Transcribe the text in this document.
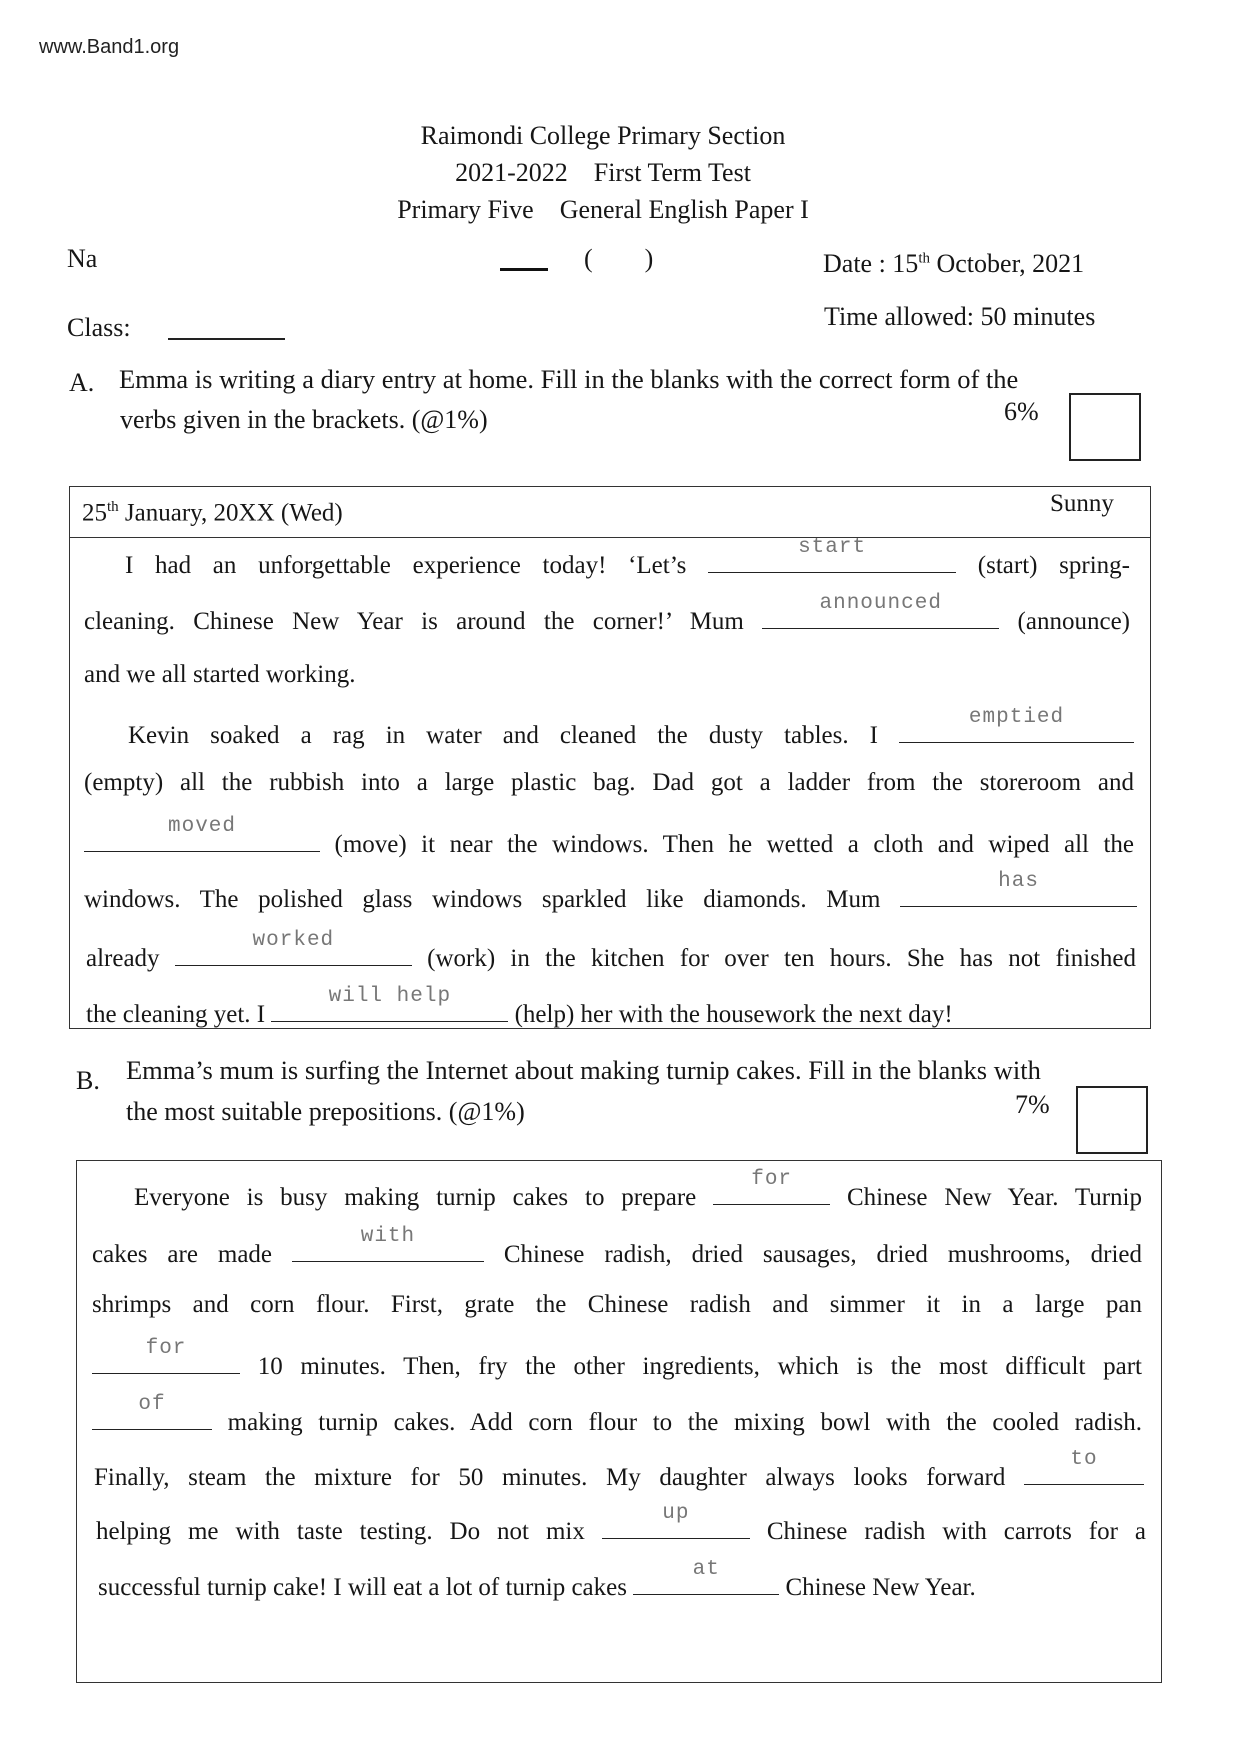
www.Band1.org
Raimondi College Primary Section
2021-2022    First Term Test
Primary Five    General English Paper I
Na	(        )	Date : 15th October, 2021
Class:	Time allowed: 50 minutes
A. Emma is writing a diary entry at home. Fill in the blanks with the correct form of the
verbs given in the brackets. (@1%)	6%
25th January, 20XX (Wed)	Sunny
I had an unforgettable experience today! ‘Let’s
start
(start) spring-
cleaning. Chinese New Year is around the corner!’ Mum
announced
(announce)
and we all started working.
Kevin soaked a rag in water and cleaned the dusty tables. I
emptied
(empty) all the rubbish into a large plastic bag. Dad got a ladder from the storeroom and
moved
(move) it near the windows. Then he wetted a cloth and wiped all the
windows. The polished glass windows sparkled like diamonds. Mum
has
already
worked
(work) in the kitchen for over ten hours. She has not finished
the cleaning yet. I
will help
(help) her with the housework the next day!
B. Emma’s mum is surfing the Internet about making turnip cakes. Fill in the blanks with
the most suitable prepositions. (@1%)	7%
Everyone is busy making turnip cakes to prepare
for
Chinese New Year. Turnip
cakes are made
with
Chinese radish, dried sausages, dried mushrooms, dried
shrimps and corn flour. First, grate the Chinese radish and simmer it in a large pan
for
10 minutes. Then, fry the other ingredients, which is the most difficult part
of
making turnip cakes. Add corn flour to the mixing bowl with the cooled radish.
Finally, steam the mixture for 50 minutes. My daughter always looks forward
to
helping me with taste testing. Do not mix
up
Chinese radish with carrots for a
successful turnip cake! I will eat a lot of turnip cakes
at
Chinese New Year.
